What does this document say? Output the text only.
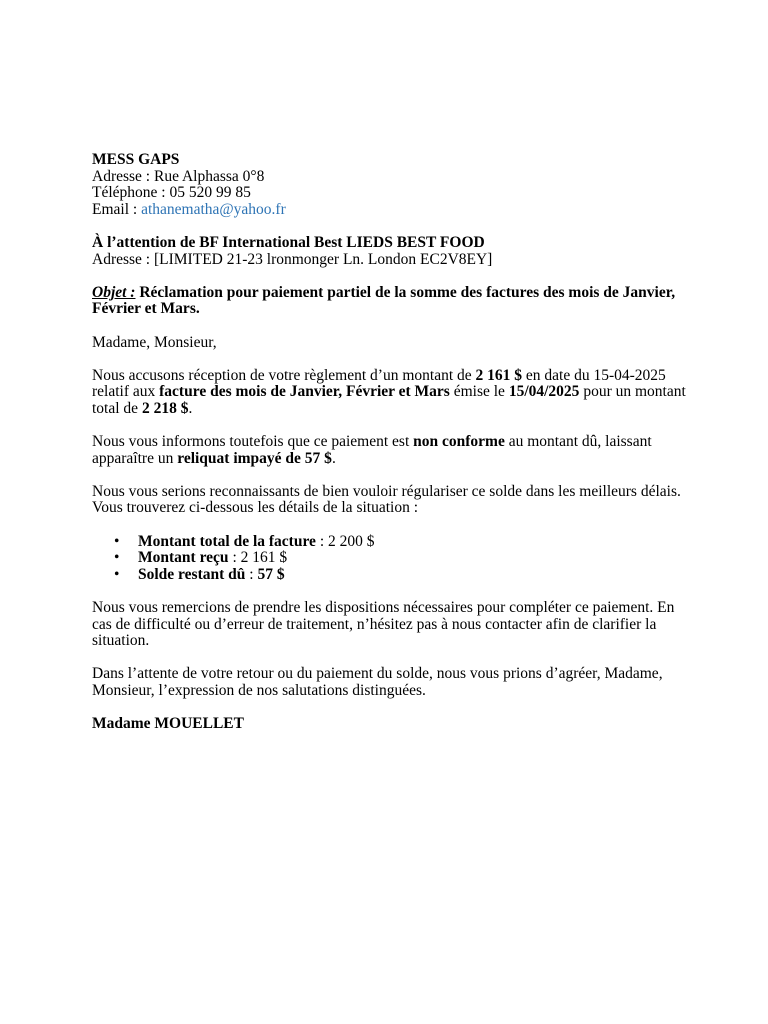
MESS GAPS
Adresse : Rue Alphassa 0°8
Téléphone : 05 520 99 85
Email : athanematha@yahoo.fr
À l’attention de BF International Best LIEDS BEST FOOD
Adresse : [LIMITED 21-23 lronmonger Ln. London EC2V8EY]
Objet : Réclamation pour paiement partiel de la somme des factures des mois de Janvier, Février et Mars.
Madame, Monsieur,
Nous accusons réception de votre règlement d’un montant de 2 161 $ en date du 15-04-2025 relatif aux facture des mois de Janvier, Février et Mars émise le 15/04/2025 pour un montant total de 2 218 $.
Nous vous informons toutefois que ce paiement est non conforme au montant dû, laissant apparaître un reliquat impayé de 57 $.
Nous vous serions reconnaissants de bien vouloir régulariser ce solde dans les meilleurs délais. Vous trouverez ci-dessous les détails de la situation :
• Montant total de la facture : 2 200 $
• Montant reçu : 2 161 $
• Solde restant dû : 57 $
Nous vous remercions de prendre les dispositions nécessaires pour compléter ce paiement. En cas de difficulté ou d’erreur de traitement, n’hésitez pas à nous contacter afin de clarifier la situation.
Dans l’attente de votre retour ou du paiement du solde, nous vous prions d’agréer, Madame, Monsieur, l’expression de nos salutations distinguées.
Madame MOUELLET
